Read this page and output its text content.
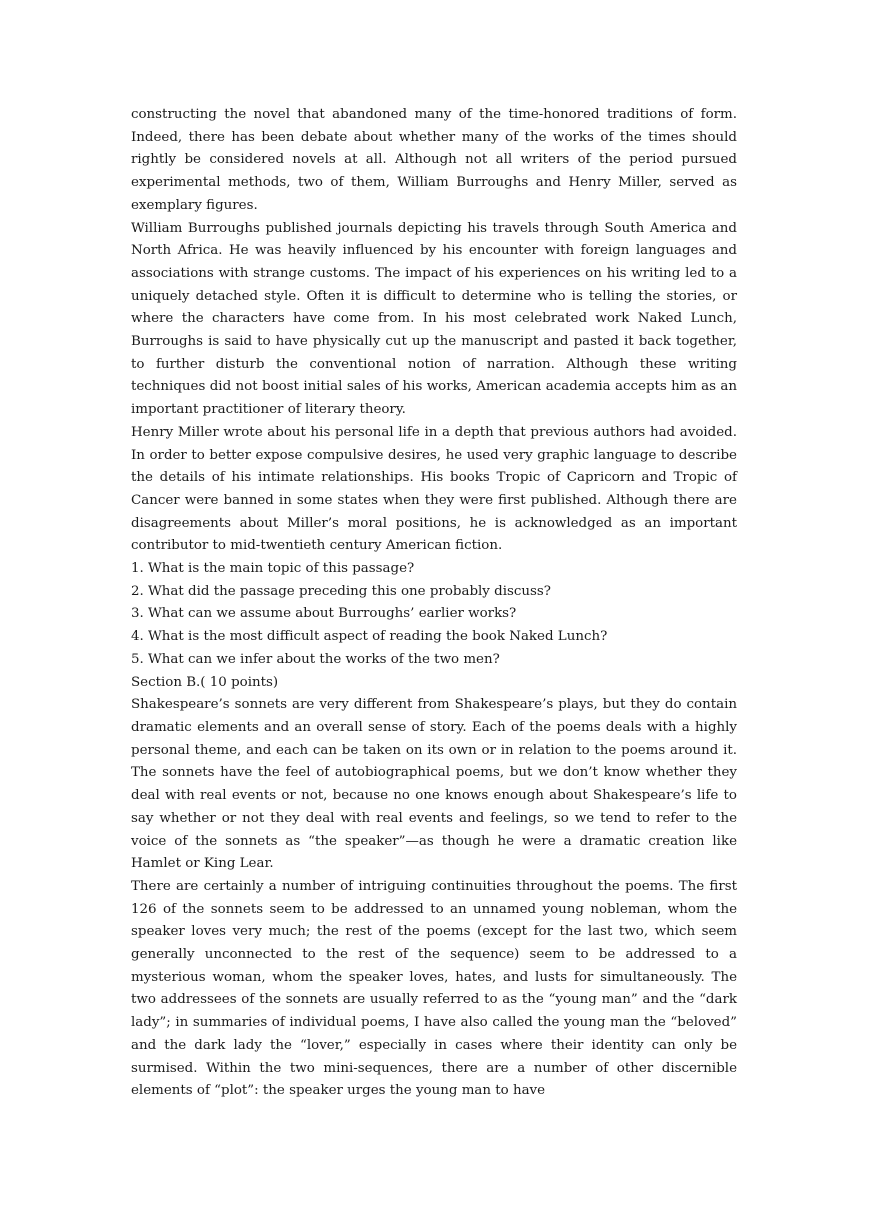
constructing the novel that abandoned many of the time-honored traditions of form. Indeed, there has been debate about whether many of the works of the times should rightly be considered novels at all. Although not all writers of the period pursued experimental methods, two of them, William Burroughs and Henry Miller, served as exemplary figures.

William Burroughs published journals depicting his travels through South America and North Africa. He was heavily influenced by his encounter with foreign languages and associations with strange customs. The impact of his experiences on his writing led to a uniquely detached style. Often it is difficult to determine who is telling the stories, or where the characters have come from. In his most celebrated work Naked Lunch, Burroughs is said to have physically cut up the manuscript and pasted it back together, to further disturb the conventional notion of narration. Although these writing techniques did not boost initial sales of his works, American academia accepts him as an important practitioner of literary theory.

Henry Miller wrote about his personal life in a depth that previous authors had avoided. In order to better expose compulsive desires, he used very graphic language to describe the details of his intimate relationships. His books Tropic of Capricorn and Tropic of Cancer were banned in some states when they were first published. Although there are disagreements about Miller’s moral positions, he is acknowledged as an important contributor to mid-twentieth century American fiction.

1. What is the main topic of this passage?

2. What did the passage preceding this one probably discuss?

3. What can we assume about Burroughs’ earlier works?

4. What is the most difficult aspect of reading the book Naked Lunch?

5. What can we infer about the works of the two men?

Section B.( 10 points)

Shakespeare’s sonnets are very different from Shakespeare’s plays, but they do contain dramatic elements and an overall sense of story. Each of the poems deals with a highly personal theme, and each can be taken on its own or in relation to the poems around it. The sonnets have the feel of autobiographical poems, but we don’t know whether they deal with real events or not, because no one knows enough about Shakespeare’s life to say whether or not they deal with real events and feelings, so we tend to refer to the voice of the sonnets as “the speaker”—as though he were a dramatic creation like Hamlet or King Lear.

There are certainly a number of intriguing continuities throughout the poems. The first 126 of the sonnets seem to be addressed to an unnamed young nobleman, whom the speaker loves very much; the rest of the poems (except for the last two, which seem generally unconnected to the rest of the sequence) seem to be addressed to a mysterious woman, whom the speaker loves, hates, and lusts for simultaneously. The two addressees of the sonnets are usually referred to as the “young man” and the “dark lady”; in summaries of individual poems, I have also called the young man the “beloved” and the dark lady the “lover,” especially in cases where their identity can only be surmised. Within the two mini-sequences, there are a number of other discernible elements of “plot”: the speaker urges the young man to have
